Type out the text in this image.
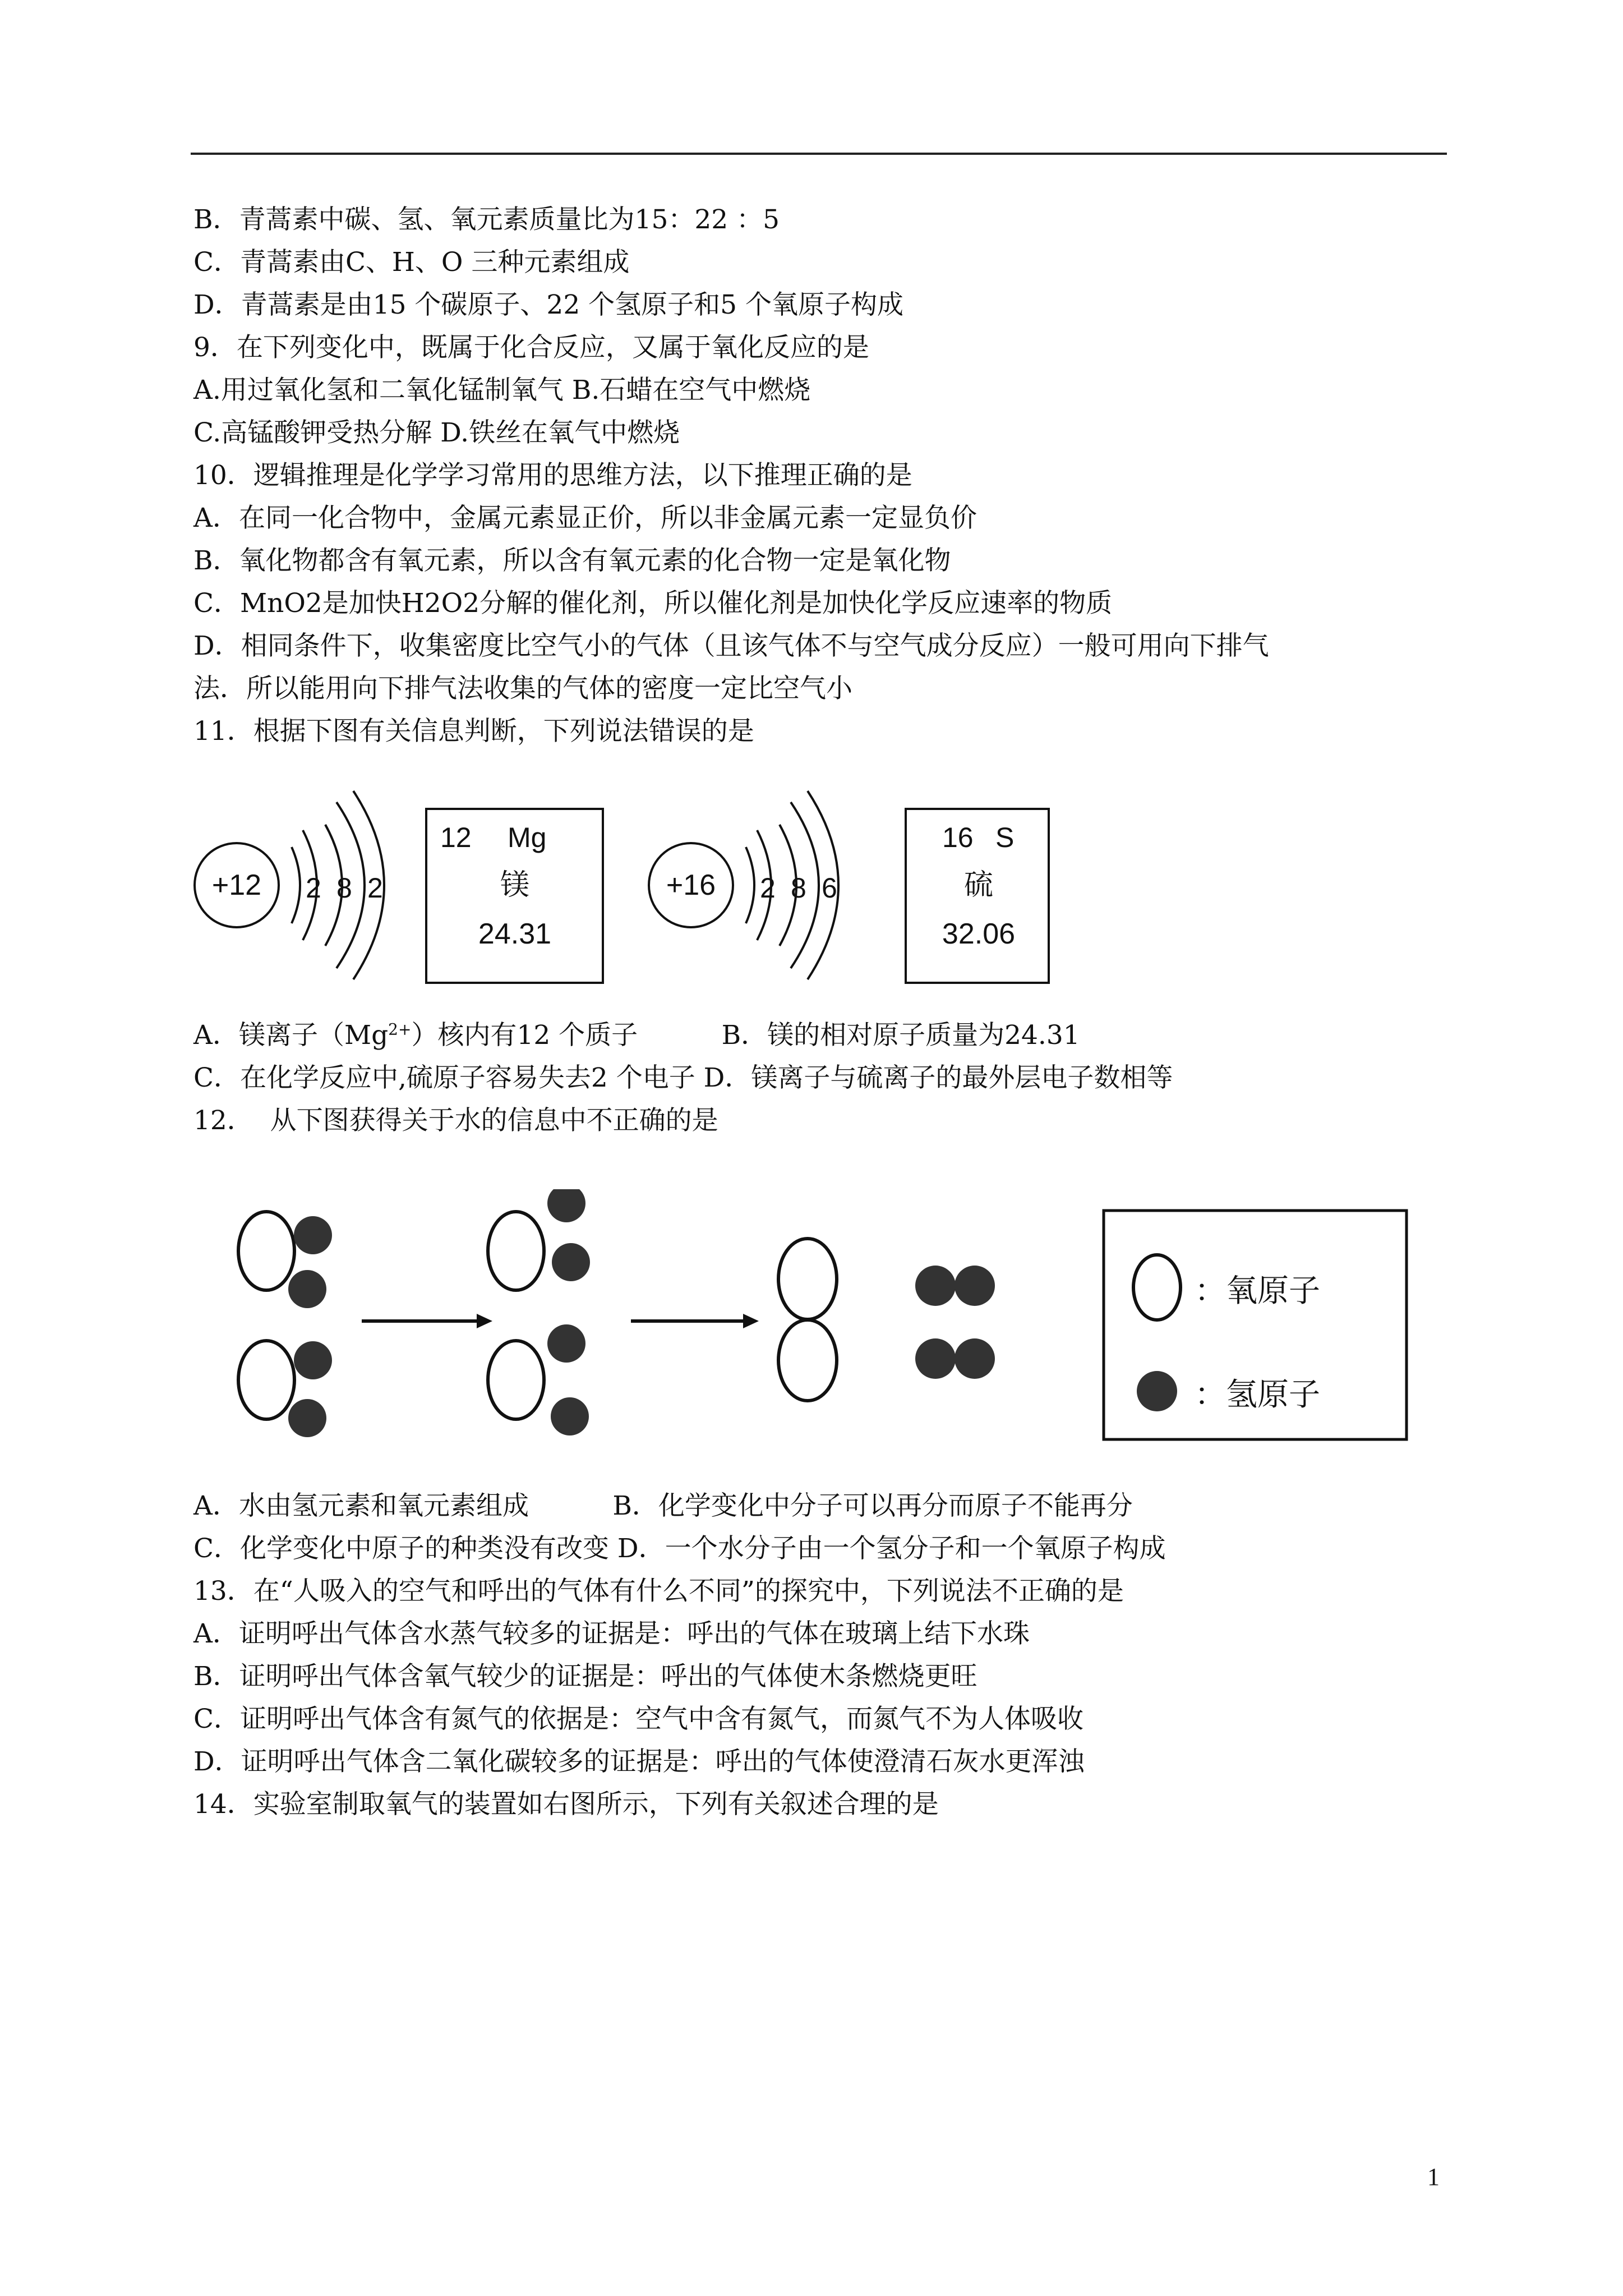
B．青蒿素中碳、氢、氧元素质量比为15：22 ：5
C．青蒿素由C、H、O 三种元素组成
D．青蒿素是由15 个碳原子、22 个氢原子和5 个氧原子构成
9．在下列变化中，既属于化合反应，又属于氧化反应的是
A.用过氧化氢和二氧化锰制氧气 B.石蜡在空气中燃烧
C.高锰酸钾受热分解 D.铁丝在氧气中燃烧
10．逻辑推理是化学学习常用的思维方法，以下推理正确的是
A．在同一化合物中，金属元素显正价，所以非金属元素一定显负价
B．氧化物都含有氧元素，所以含有氧元素的化合物一定是氧化物
C．MnO2是加快H2O2分解的催化剂，所以催化剂是加快化学反应速率的物质
D．相同条件下，收集密度比空气小的气体（且该气体不与空气成分反应）一般可用向下排气
法．所以能用向下排气法收集的气体的密度一定比空气小
11．根据下图有关信息判断，下列说法错误的是
+12 2 8 2
12 Mg
镁
24.31
+16 2 8 6
16 S
硫
32.06
A．镁离子$(Mg^{2+})$核内有12 个质子          B．镁的相对原子质量为24.31
C．在化学反应中,硫原子容易失去2 个电子 D．镁离子与硫离子的最外层电子数相等
12．  从下图获得关于水的信息中不正确的是
：氧原子
：氢原子
A．水由氢元素和氧元素组成          B．化学变化中分子可以再分而原子不能再分
C．化学变化中原子的种类没有改变 D．一个水分子由一个氢分子和一个氧原子构成
13．在“人吸入的空气和呼出的气体有什么不同”的探究中，下列说法不正确的是
A．证明呼出气体含水蒸气较多的证据是：呼出的气体在玻璃上结下水珠
B．证明呼出气体含氧气较少的证据是：呼出的气体使木条燃烧更旺
C．证明呼出气体含有氮气的依据是：空气中含有氮气，而氮气不为人体吸收
D．证明呼出气体含二氧化碳较多的证据是：呼出的气体使澄清石灰水更浑浊
14．实验室制取氧气的装置如右图所示，下列有关叙述合理的是
1
